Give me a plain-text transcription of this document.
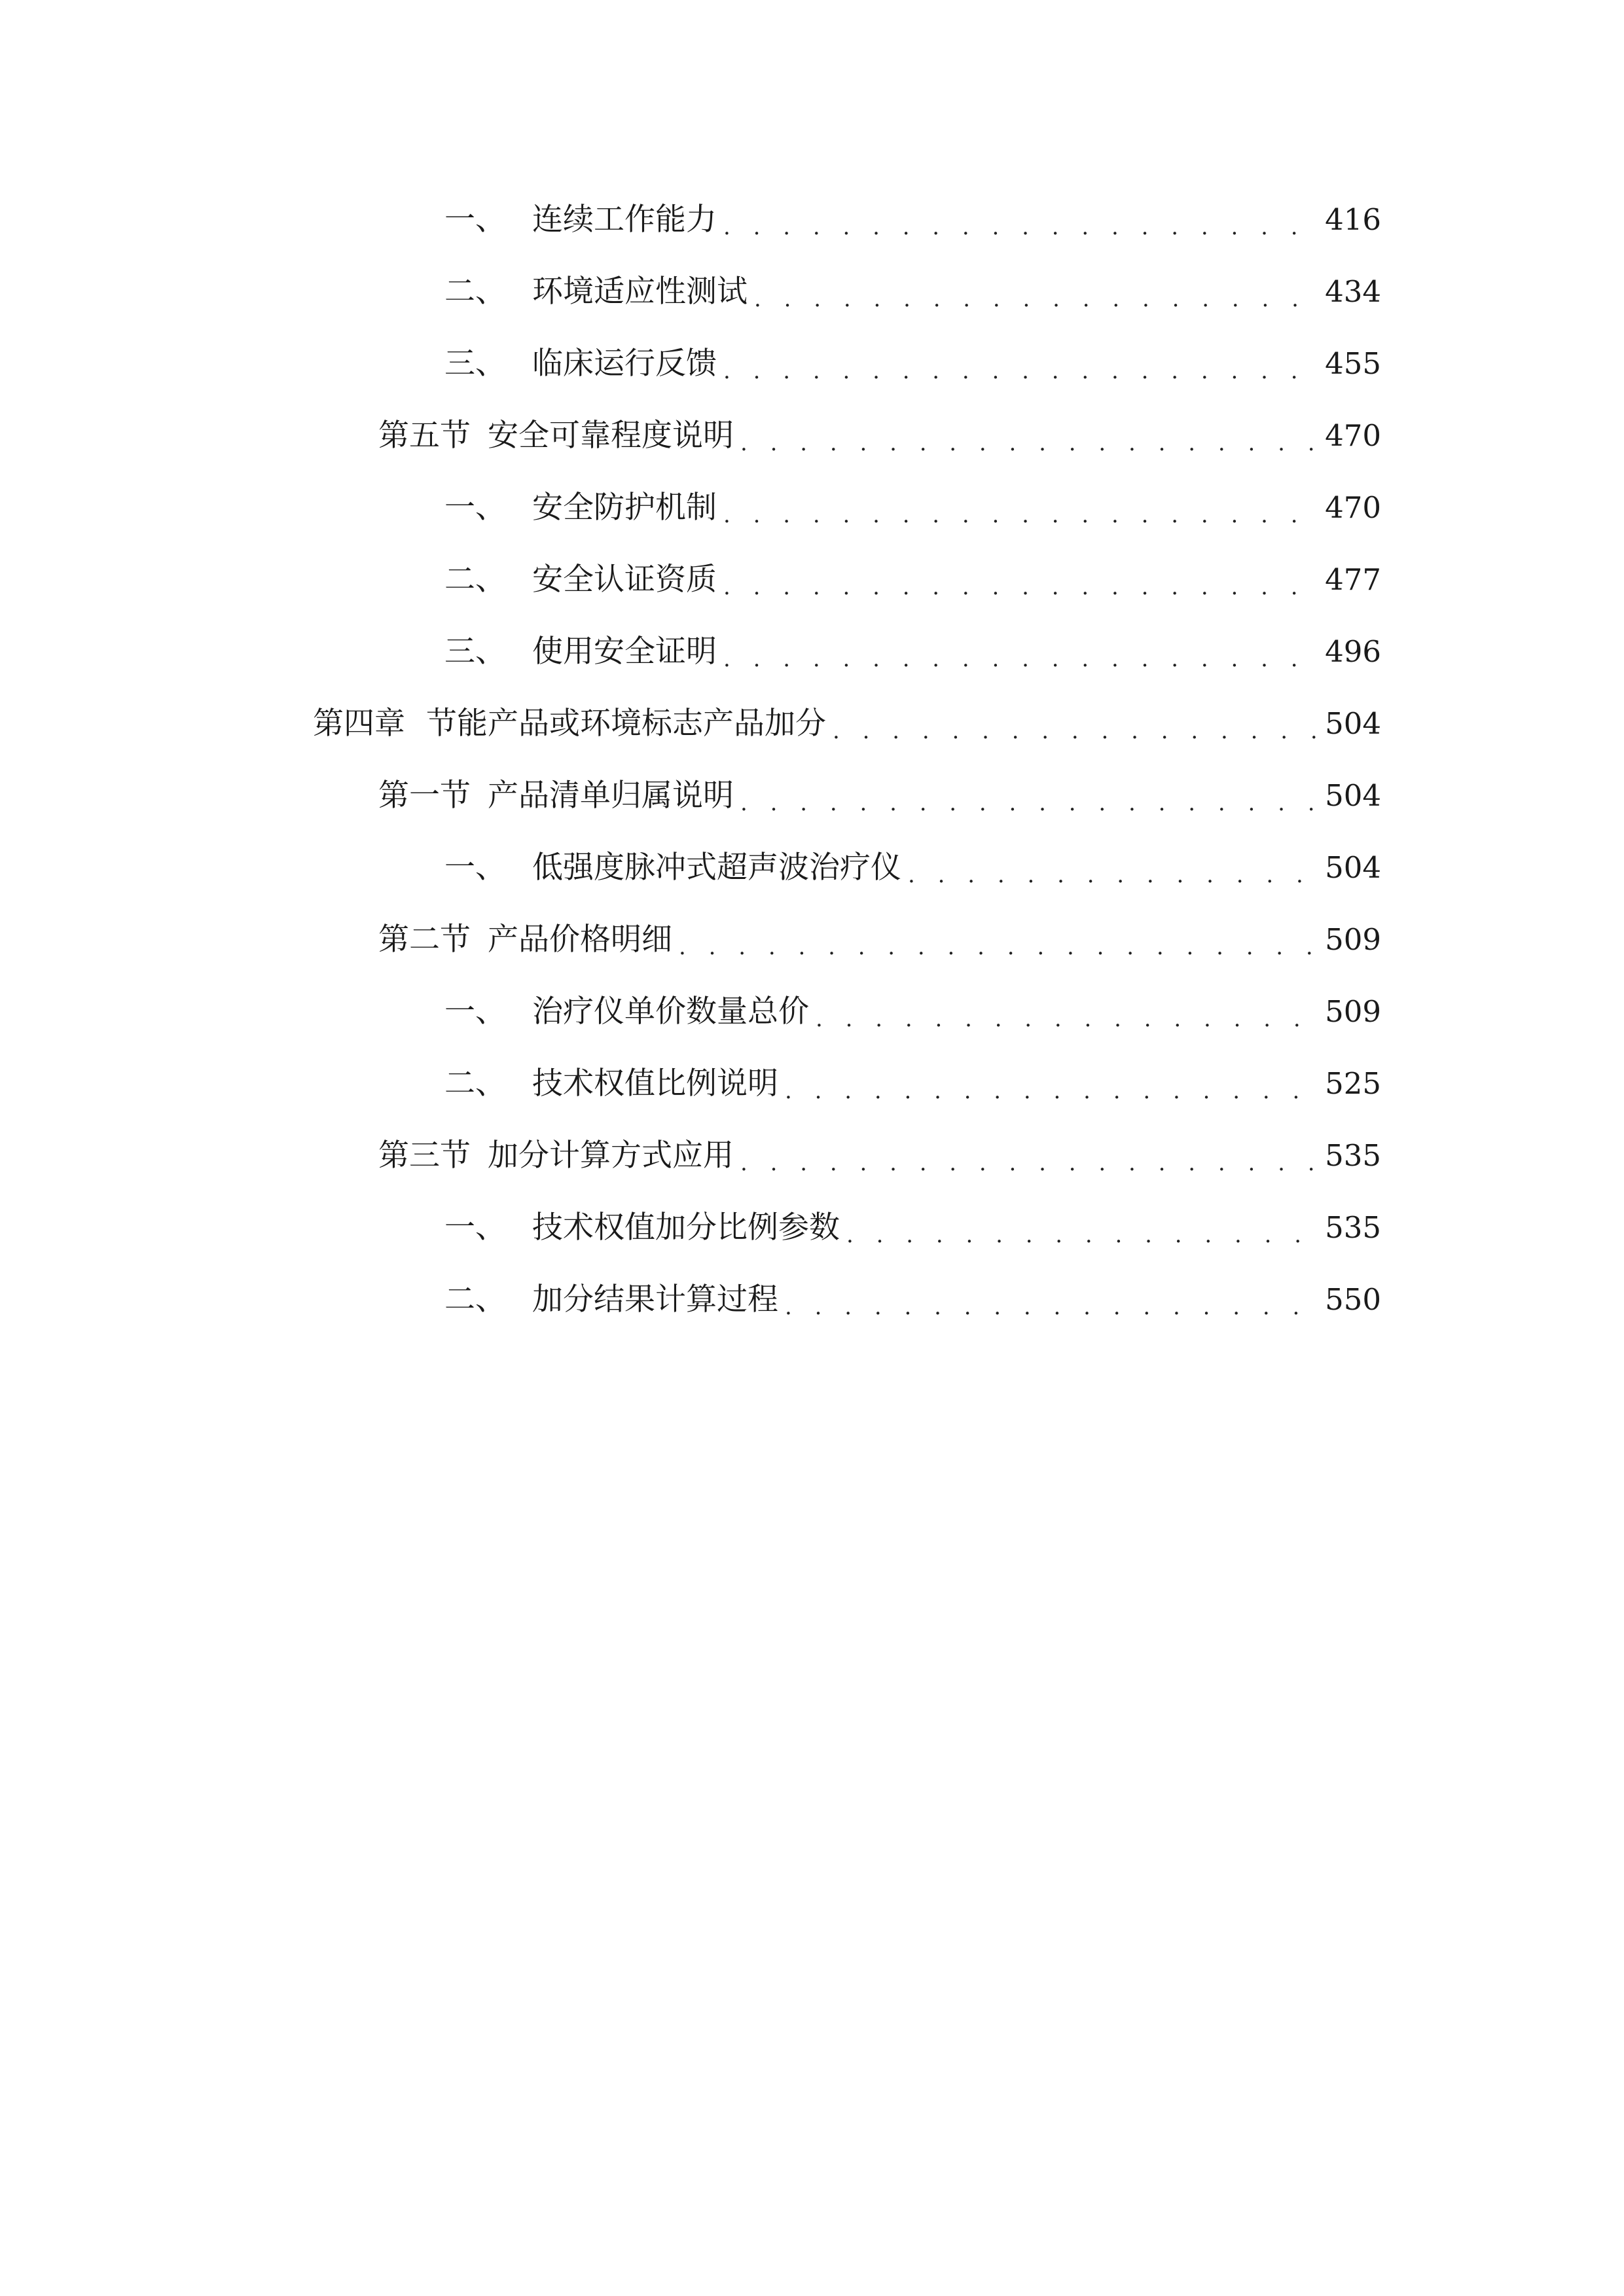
一、 连续工作能力 . . .	416
二、 环境适应性测试 . . .	434
三、 临床运行反馈 . . .	455
第五节 安全可靠程度说明 . . .	470
一、 安全防护机制 . . .	470
二、 安全认证资质 . . .	477
三、 使用安全证明 . . .	496
第四章 节能产品或环境标志产品加分 . . .	504
第一节 产品清单归属说明 . . .	504
一、 低强度脉冲式超声波治疗仪 . . .	504
第二节 产品价格明细 . . .	509
一、 治疗仪单价数量总价 . . .	509
二、 技术权值比例说明 . . .	525
第三节 加分计算方式应用 . . .	535
一、 技术权值加分比例参数 . . .	535
二、 加分结果计算过程 . . .	550
